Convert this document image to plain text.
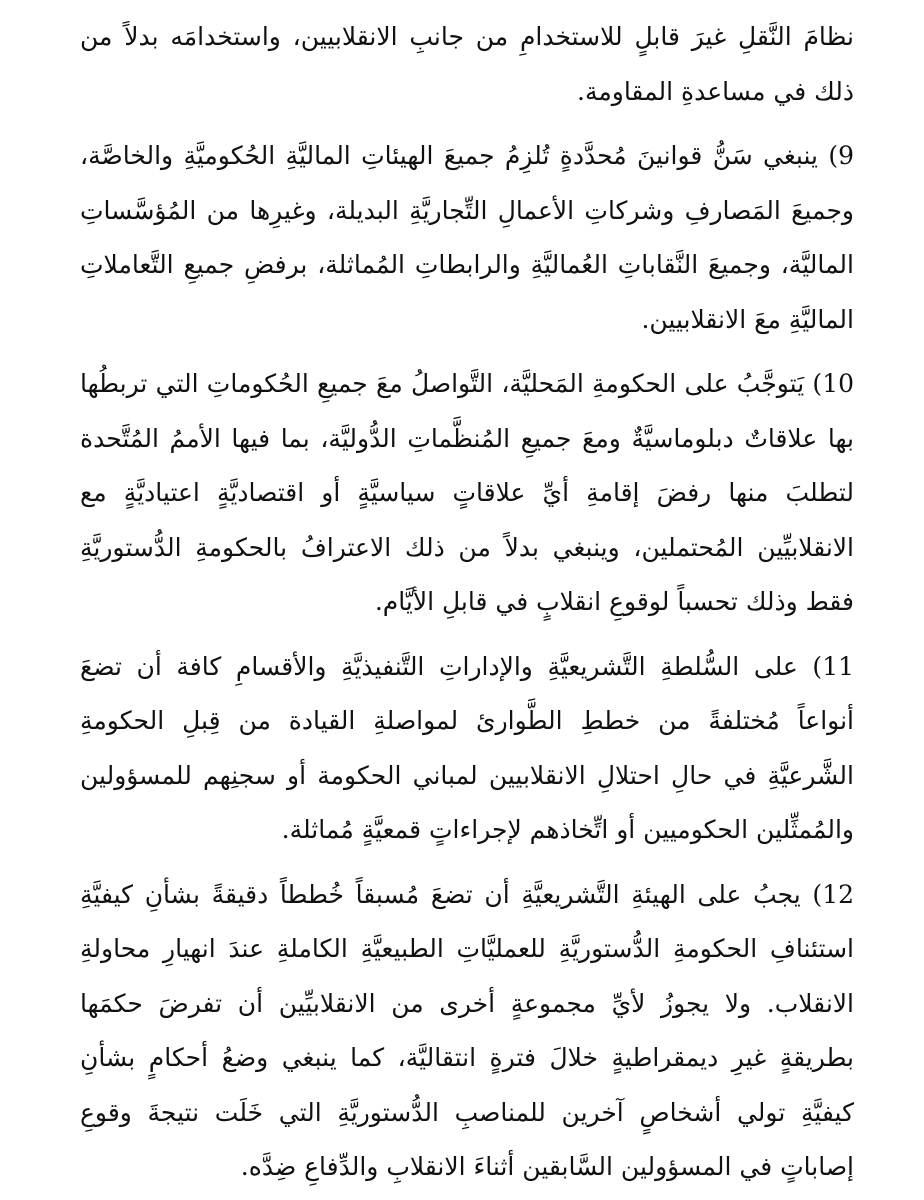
نظامَ النَّقلِ غيرَ قابلٍ للاستخدامِ من جانبِ الانقلابيين، واستخدامَه بدلاً من ذلك في مساعدةِ المقاومة.

9) ينبغي سَنُّ قوانينَ مُحدَّدةٍ تُلزِمُ جميعَ الهيئاتِ الماليَّةِ الحُكوميَّةِ والخاصَّة، وجميعَ المَصارفِ وشركاتِ الأعمالِ التِّجاريَّةِ البديلة، وغيرِها من المُؤسَّساتِ الماليَّة، وجميعَ النَّقاباتِ العُماليَّةِ والرابطاتِ المُماثلة، برفضِ جميعِ التَّعاملاتِ الماليَّةِ معَ الانقلابيين.

10) يَتوجَّبُ على الحكومةِ المَحليَّة، التَّواصلُ معَ جميعِ الحُكوماتِ التي تربطُها بها علاقاتٌ دبلوماسيَّةٌ ومعَ جميعِ المُنظَّماتِ الدُّوليَّة، بما فيها الأممُ المُتَّحدة لتطلبَ منها رفضَ إقامةِ أيِّ علاقاتٍ سياسيَّةٍ أو اقتصاديَّةٍ اعتياديَّةٍ مع الانقلابيِّين المُحتملين، وينبغي بدلاً من ذلك الاعترافُ بالحكومةِ الدُّستوريَّةِ فقط وذلك تحسباً لوقوعِ انقلابٍ في قابلِ الأيَّام.

11) على السُّلطةِ التَّشريعيَّةِ والإداراتِ التَّنفيذيَّةِ والأقسامِ كافة أن تضعَ أنواعاً مُختلفةً من خططِ الطَّوارئ لمواصلةِ القيادة من قِبلِ الحكومةِ الشَّرعيَّةِ في حالِ احتلالِ الانقلابيين لمباني الحكومة أو سجنِهم للمسؤولين والمُمثِّلين الحكوميين أو اتِّخاذهم لإجراءاتٍ قمعيَّةٍ مُماثلة.

12) يجبُ على الهيئةِ التَّشريعيَّةِ أن تضعَ مُسبقاً خُططاً دقيقةً بشأنِ كيفيَّةِ استئنافِ الحكومةِ الدُّستوريَّةِ للعمليَّاتِ الطبيعيَّةِ الكاملةِ عندَ انهيارِ محاولةِ الانقلاب. ولا يجوزُ لأيِّ مجموعةٍ أخرى من الانقلابيِّين أن تفرضَ حكمَها بطريقةٍ غيرِ ديمقراطيةٍ خلالَ فترةٍ انتقاليَّة، كما ينبغي وضعُ أحكامٍ بشأنِ كيفيَّةِ تولي أشخاصٍ آخرين للمناصبِ الدُّستوريَّةِ التي خَلَت نتيجةَ وقوعِ إصاباتٍ في المسؤولين السَّابقين أثناءَ الانقلابِ والدِّفاعِ ضِدَّه.
